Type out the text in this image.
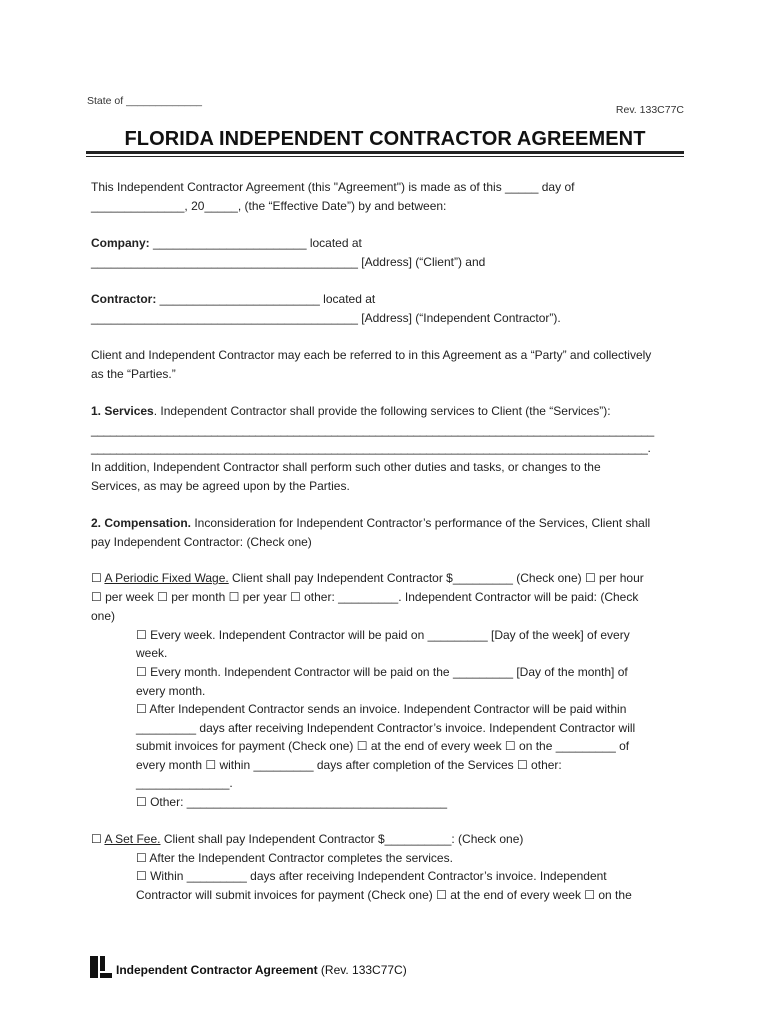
State of _____________
Rev. 133C77C
FLORIDA INDEPENDENT CONTRACTOR AGREEMENT
This Independent Contractor Agreement (this "Agreement") is made as of this _____ day of
______________, 20_____, (the “Effective Date”) by and between:
Company: _______________________ located at
________________________________________ [Address] (“Client”) and
Contractor: ________________________ located at
________________________________________ [Address] (“Independent Contractor”).
Client and Independent Contractor may each be referred to in this Agreement as a “Party” and collectively
as the “Parties.”
1. Services. Independent Contractor shall provide the following services to Client (the “Services”):
_________________________________________________________________________________________
________________________________________________________________________________________.
In addition, Independent Contractor shall perform such other duties and tasks, or changes to the
Services, as may be agreed upon by the Parties.
2. Compensation. Inconsideration for Independent Contractor’s performance of the Services, Client shall
pay Independent Contractor: (Check one)
☐ A Periodic Fixed Wage. Client shall pay Independent Contractor $_________ (Check one) ☐ per hour
☐ per week ☐ per month ☐ per year ☐ other: _________. Independent Contractor will be paid: (Check
one)
☐ Every week. Independent Contractor will be paid on _________ [Day of the week] of every
week.
☐ Every month. Independent Contractor will be paid on the _________ [Day of the month] of
every month.
☐ After Independent Contractor sends an invoice. Independent Contractor will be paid within
_________ days after receiving Independent Contractor’s invoice. Independent Contractor will
submit invoices for payment (Check one) ☐ at the end of every week ☐ on the _________ of
every month ☐ within _________ days after completion of the Services ☐ other:
______________.
☐ Other: _______________________________________
☐ A Set Fee. Client shall pay Independent Contractor $__________: (Check one)
☐ After the Independent Contractor completes the services.
☐ Within _________ days after receiving Independent Contractor’s invoice. Independent
Contractor will submit invoices for payment (Check one) ☐ at the end of every week ☐ on the
Independent Contractor Agreement (Rev. 133C77C)
